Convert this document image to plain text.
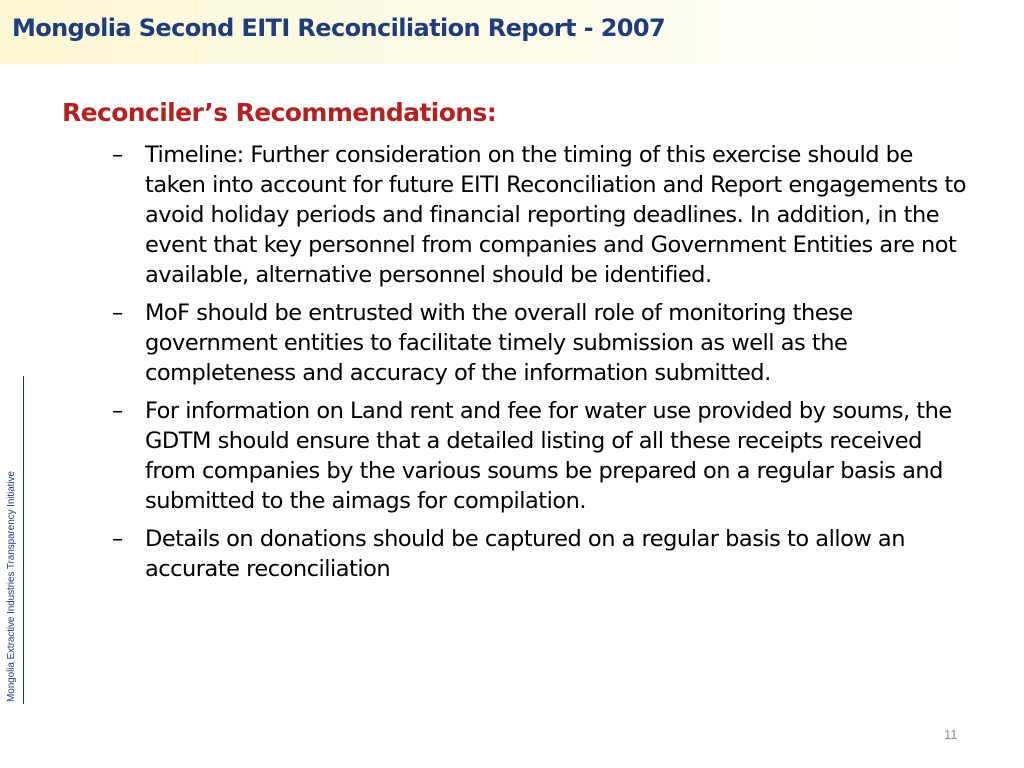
Mongolia Second EITI Reconciliation Report - 2007
Mongolia Extractive Industries Transparency Initiative
Reconciler’s Recommendations:
– Timeline: Further consideration on the timing of this exercise should be taken into account for future EITI Reconciliation and Report engagements to avoid holiday periods and financial reporting deadlines. In addition, in the event that key personnel from companies and Government Entities are not available, alternative personnel should be identified.
– MoF should be entrusted with the overall role of monitoring these government entities to facilitate timely submission as well as the completeness and accuracy of the information submitted.
– For information on Land rent and fee for water use provided by soums, the GDTM should ensure that a detailed listing of all these receipts received from companies by the various soums be prepared on a regular basis and submitted to the aimags for compilation.
– Details on donations should be captured on a regular basis to allow an accurate reconciliation
11
